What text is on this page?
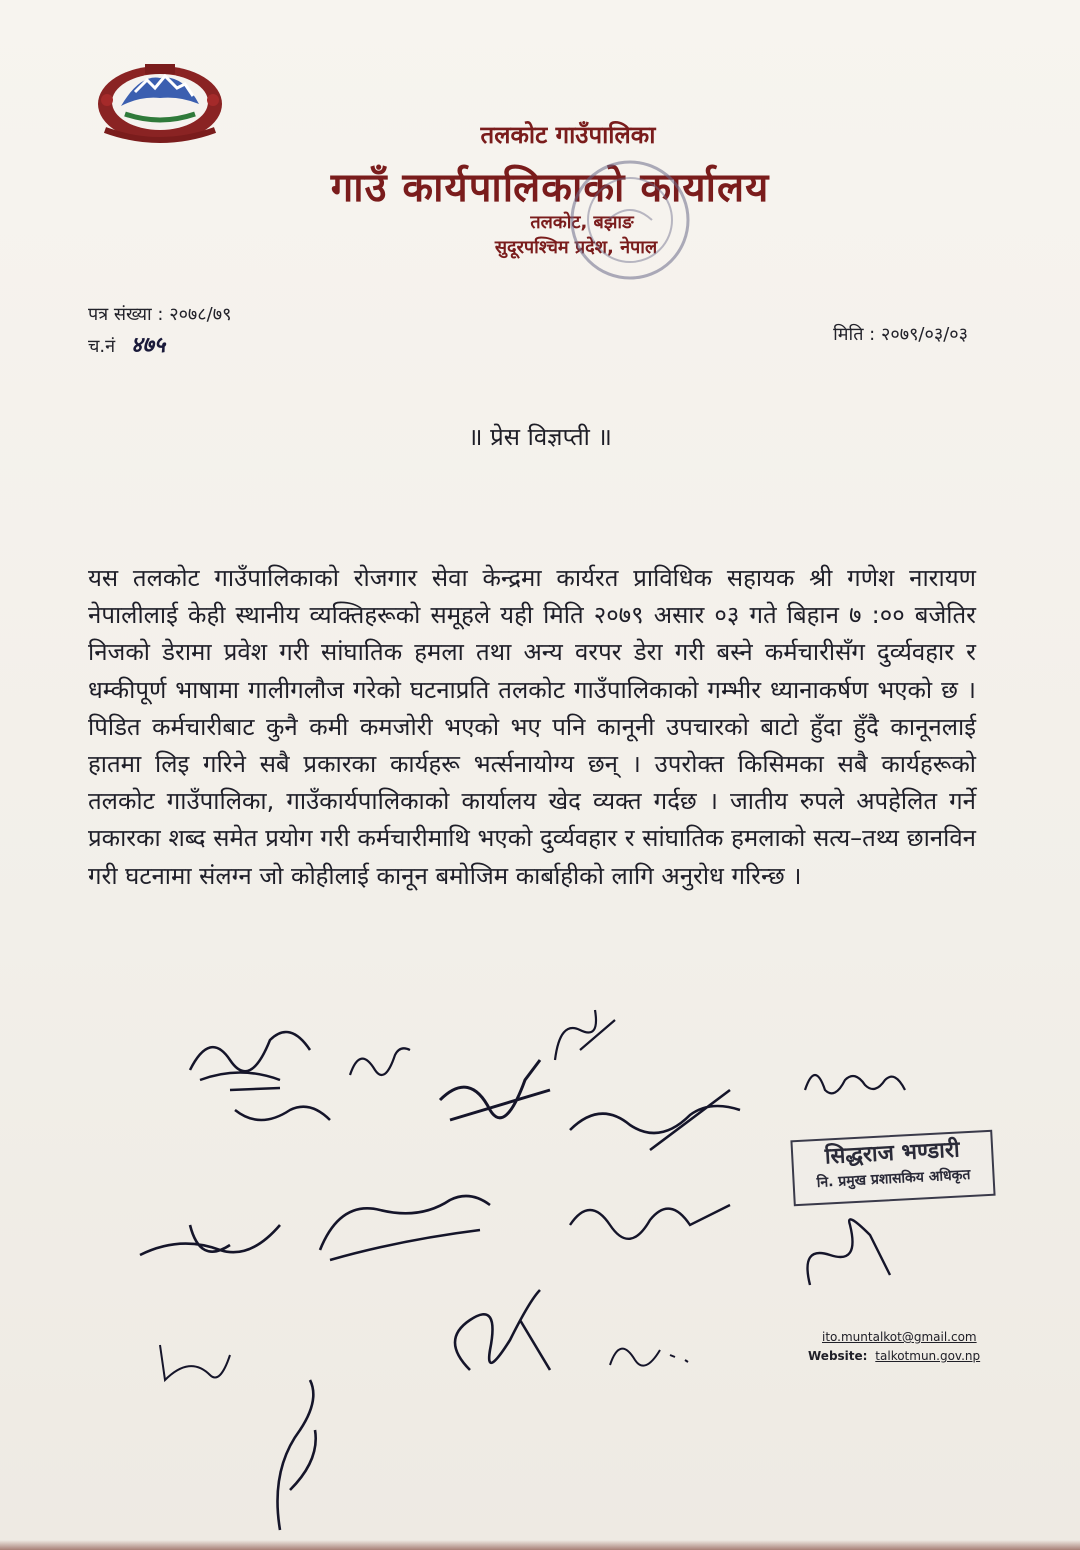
तलकोट गाउँपालिका
गाउँ कार्यपालिकाको कार्यालय
तलकोट, बझाङ
सुदूरपश्चिम प्रदेश, नेपाल
पत्र संख्या : २०७८/७९
च.नं ४७५	मिति : २०७९/०३/०३
॥ प्रेस विज्ञप्ती ॥
यस तलकोट गाउँपालिकाको रोजगार सेवा केन्द्रमा कार्यरत प्राविधिक सहायक श्री गणेश नारायण नेपालीलाई केही स्थानीय व्यक्तिहरूको समूहले यही मिति २०७९ असार ०३ गते बिहान ७ :०० बजेतिर निजको डेरामा प्रवेश गरी सांघातिक हमला तथा अन्य वरपर डेरा गरी बस्ने कर्मचारीसँग दुर्व्यवहार र धम्कीपूर्ण भाषामा गालीगलौज गरेको घटनाप्रति तलकोट गाउँपालिकाको गम्भीर ध्यानाकर्षण भएको छ । पिडित कर्मचारीबाट कुनै कमी कमजोरी भएको भए पनि कानूनी उपचारको बाटो हुँदा हुँदै कानूनलाई हातमा लिइ गरिने सबै प्रकारका कार्यहरू भर्त्सनायोग्य छन् । उपरोक्त किसिमका सबै कार्यहरूको तलकोट गाउँपालिका, गाउँकार्यपालिकाको कार्यालय खेद व्यक्त गर्दछ । जातीय रुपले अपहेलित गर्ने प्रकारका शब्द समेत प्रयोग गरी कर्मचारीमाथि भएको दुर्व्यवहार र सांघातिक हमलाको सत्य–तथ्य छानविन गरी घटनामा संलग्न जो कोहीलाई कानून बमोजिम कार्बाहीको लागि अनुरोध गरिन्छ ।
सिद्धराज भण्डारी
नि. प्रमुख प्रशासकिय अधिकृत
ito.muntalkot@gmail.com
Website: talkotmun.gov.np
